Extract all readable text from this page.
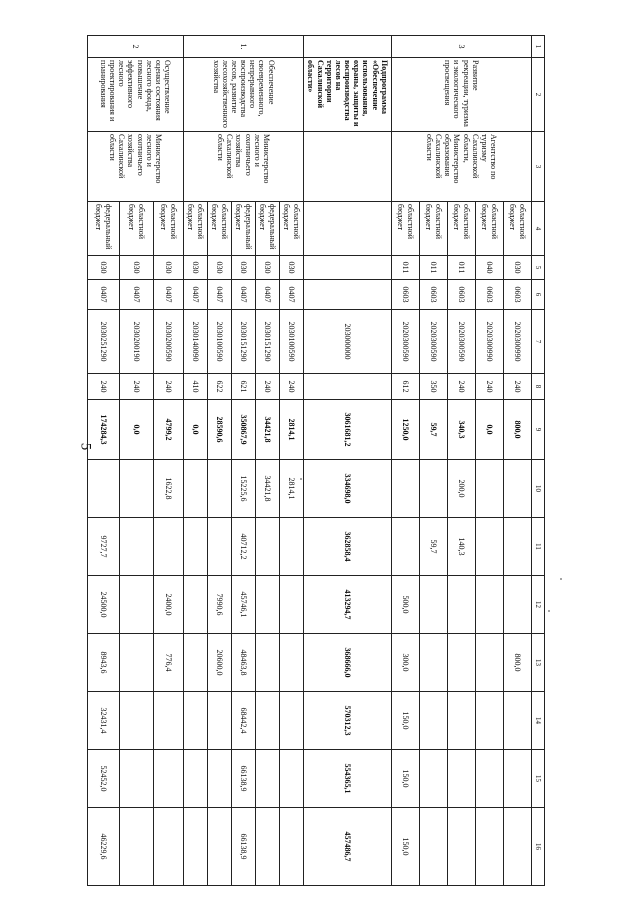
5
1	2	3	4	5	6	7	8	9	10	11	12	13	14	15	16
3	Развитие рекреации, туризма и экологического просвещения	Агентство по туризму Сахалинской области, Министерство образования Сахалинской области	областной бюджет	030	0603	2020300990	240	800,0				800,0			
			областной бюджет	040	0603	2020300990	240	0,0							
			областной бюджет	011	0603	2020300590	240	340,3	200,0	140,3					
			областной бюджет	011	0603	2020300590	350	59,7		59,7					
			областной бюджет	011	0603	2020300590	612	1250,0			500,0	300,0	150,0	150,0	150,0
	Подпрограмма «Обеспечение использования, охраны, защиты и воспроизводства лесов на территории Сахалинской области»					203000000		3061681,2	334698,0	362858,4	413294,7	368666,0	570312,3	554365,1	457486,7
1.	Обеспечение своевременного, непрерывного воспроизводства лесов, развитие лесохозяйственного хозяйства	Министерство лесного и охотничьего хозяйства Сахалинской области	областной бюджет	030	0407	2030100590	240	2814,1	2814,1						
			федеральный бюджет	030	0407	2030151290	240	34421,8	34421,8						
			федеральный бюджет	030	0407	2030151290	621	350867,9	15225,6	40712,2	45746,1	48463,8	68442,4	66138,9	66138,9
			областной бюджет	030	0407	2030100590	622	28590,6			7990,6	20600,0			
			областной бюджет	030	0407	2030140090	410	0,0							
2	Осуществление оценки состояния лесного фонда, повышение эффективного лесного проектирования и планирования	Министерство лесного и охотничьего хозяйства Сахалинской области	областной бюджет	030	0407	2030200590	240	4799,2	1622,8		2400,0	776,4			
			областной бюджет	030	0407	2030200190	240	0,0							
			федеральный бюджет	030	0407	2030251290	240	174284,3		9727,7	24500,0	8943,6	32431,4	52452,0	46229,6
